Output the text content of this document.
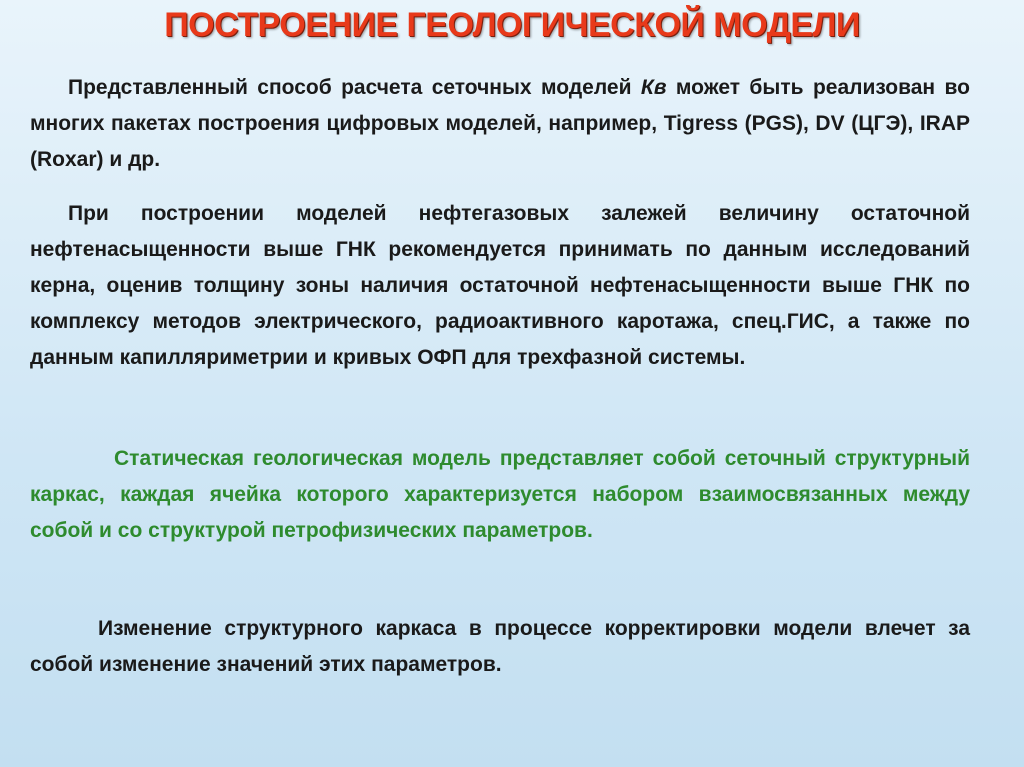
ПОСТРОЕНИЕ ГЕОЛОГИЧЕСКОЙ МОДЕЛИ
Представленный способ расчета сеточных моделей Кв может быть реализован во многих пакетах построения цифровых моделей, например, Tigress (PGS), DV (ЦГЭ), IRAP (Roxar) и др.
При построении моделей нефтегазовых залежей величину остаточной нефтенасыщенности выше ГНК рекомендуется принимать по данным исследований керна, оценив толщину зоны наличия остаточной нефтенасыщенности выше ГНК по комплексу методов электрического, радиоактивного каротажа, спец.ГИС, а также по данным капилляриметрии и кривых ОФП для трехфазной системы.
Статическая геологическая модель представляет собой сеточный структурный каркас, каждая ячейка которого характеризуется набором взаимосвязанных между собой и со структурой петрофизических параметров.
Изменение структурного каркаса в процессе корректировки модели влечет за собой изменение значений этих параметров.
